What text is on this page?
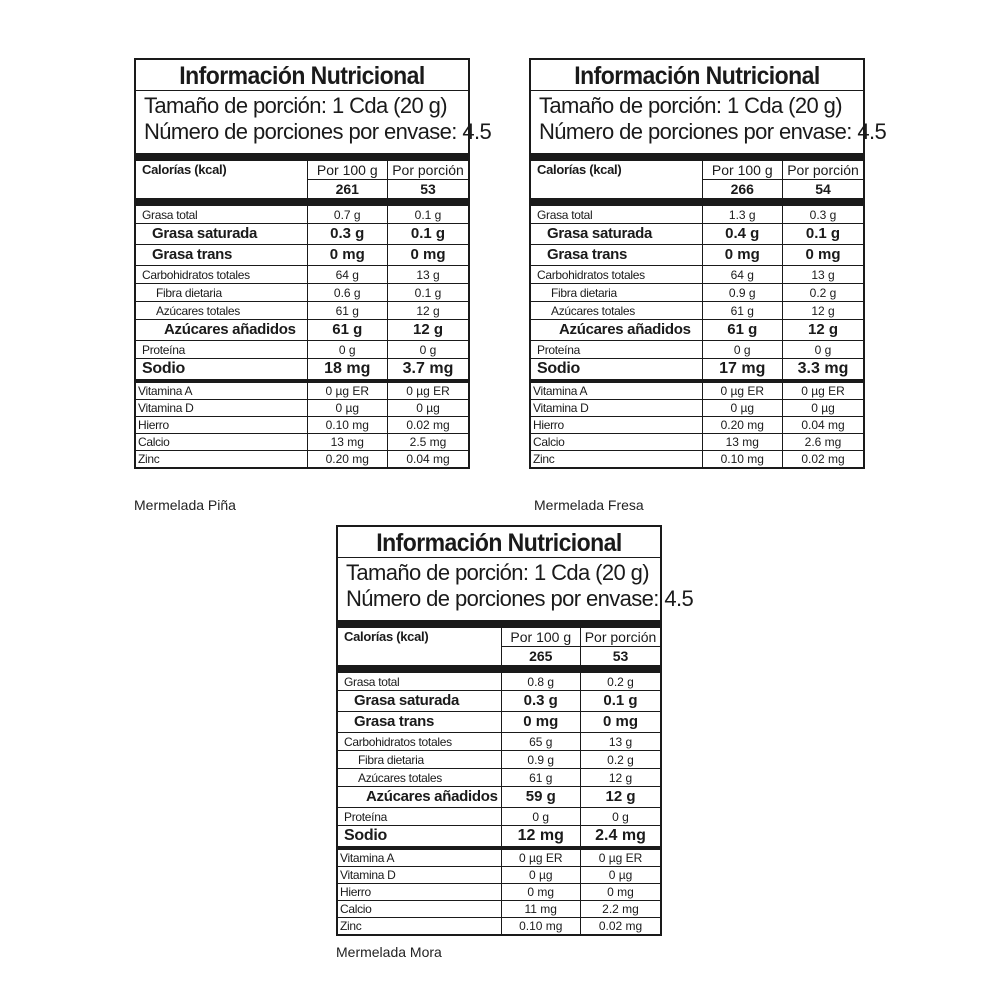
Información Nutricional
Tamaño de porción: 1 Cda (20 g)
Número de porciones por envase: 4.5
Calorías (kcal)	Por 100 g	Por porción
	261	53
Grasa total	0.7 g	0.1 g
Grasa saturada	0.3 g	0.1 g
Grasa trans	0 mg	0 mg
Carbohidratos totales	64 g	13 g
Fibra dietaria	0.6 g	0.1 g
Azúcares totales	61 g	12 g
Azúcares añadidos	61 g	12 g
Proteína	0 g	0 g
Sodio	18 mg	3.7 mg
Vitamina A	0 µg ER	0 µg ER
Vitamina D	0 µg	0 µg
Hierro	0.10 mg	0.02 mg
Calcio	13 mg	2.5 mg
Zinc	0.20 mg	0.04 mg
Información Nutricional
Tamaño de porción: 1 Cda (20 g)
Número de porciones por envase: 4.5
Calorías (kcal)	Por 100 g	Por porción
	266	54
Grasa total	1.3 g	0.3 g
Grasa saturada	0.4 g	0.1 g
Grasa trans	0 mg	0 mg
Carbohidratos totales	64 g	13 g
Fibra dietaria	0.9 g	0.2 g
Azúcares totales	61 g	12 g
Azúcares añadidos	61 g	12 g
Proteína	0 g	0 g
Sodio	17 mg	3.3 mg
Vitamina A	0 µg ER	0 µg ER
Vitamina D	0 µg	0 µg
Hierro	0.20 mg	0.04 mg
Calcio	13 mg	2.6 mg
Zinc	0.10 mg	0.02 mg
Información Nutricional
Tamaño de porción: 1 Cda (20 g)
Número de porciones por envase: 4.5
Calorías (kcal)	Por 100 g	Por porción
	265	53
Grasa total	0.8 g	0.2 g
Grasa saturada	0.3 g	0.1 g
Grasa trans	0 mg	0 mg
Carbohidratos totales	65 g	13 g
Fibra dietaria	0.9 g	0.2 g
Azúcares totales	61 g	12 g
Azúcares añadidos	59 g	12 g
Proteína	0 g	0 g
Sodio	12 mg	2.4 mg
Vitamina A	0 µg ER	0 µg ER
Vitamina D	0 µg	0 µg
Hierro	0 mg	0 mg
Calcio	11 mg	2.2 mg
Zinc	0.10 mg	0.02 mg
Mermelada Piña	Mermelada Fresa
Mermelada Mora
